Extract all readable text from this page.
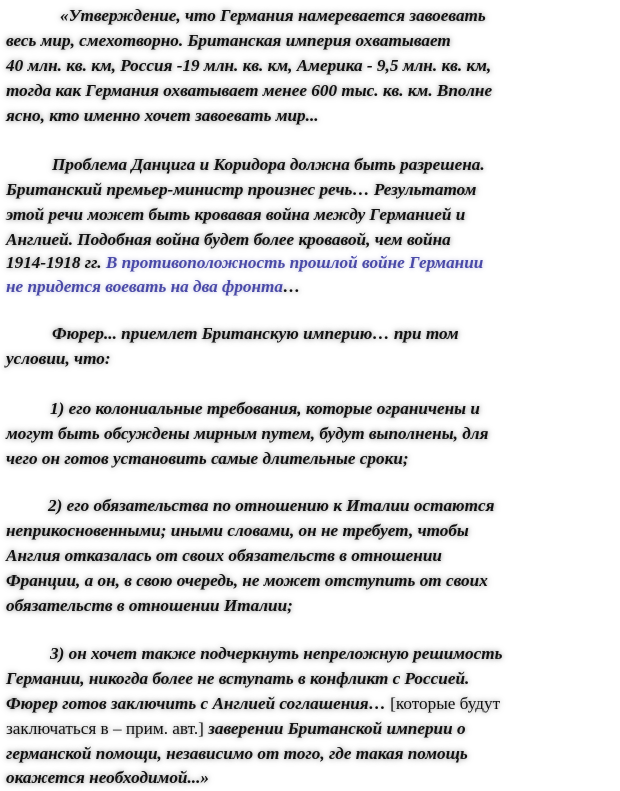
«Утверждение, что Германия намеревается завоевать
весь мир, смехотворно. Британская империя охватывает
40 млн. кв. км, Россия -19 млн. кв. км, Америка - 9,5 млн. кв. км,
тогда как Германия охватывает менее 600 тыс. кв. км. Вполне
ясно, кто именно хочет завоевать мир...
Проблема Данцига и Коридора должна быть разрешена.
Британский премьер-министр произнес речь… Результатом
этой речи может быть кровавая война между Германией и
Англией. Подобная война будет более кровавой, чем война
1914-1918 гг. В противоположность прошлой войне Германии
не придется воевать на два фронта…
Фюрер... приемлет Британскую империю… при том
условии, что:
1) его колониальные требования, которые ограничены и
могут быть обсуждены мирным путем, будут выполнены, для
чего он готов установить самые длительные сроки;
2) его обязательства по отношению к Италии остаются
неприкосновенными; иными словами, он не требует, чтобы
Англия отказалась от своих обязательств в отношении
Франции, а он, в свою очередь, не может отступить от своих
обязательств в отношении Италии;
3) он хочет также подчеркнуть непреложную решимость
Германии, никогда более не вступать в конфликт с Россией.
Фюрер готов заключить с Англией соглашения… [которые будут
заключаться в – прим. авт.] заверении Британской империи о
германской помощи, независимо от того, где такая помощь
окажется необходимой...»
